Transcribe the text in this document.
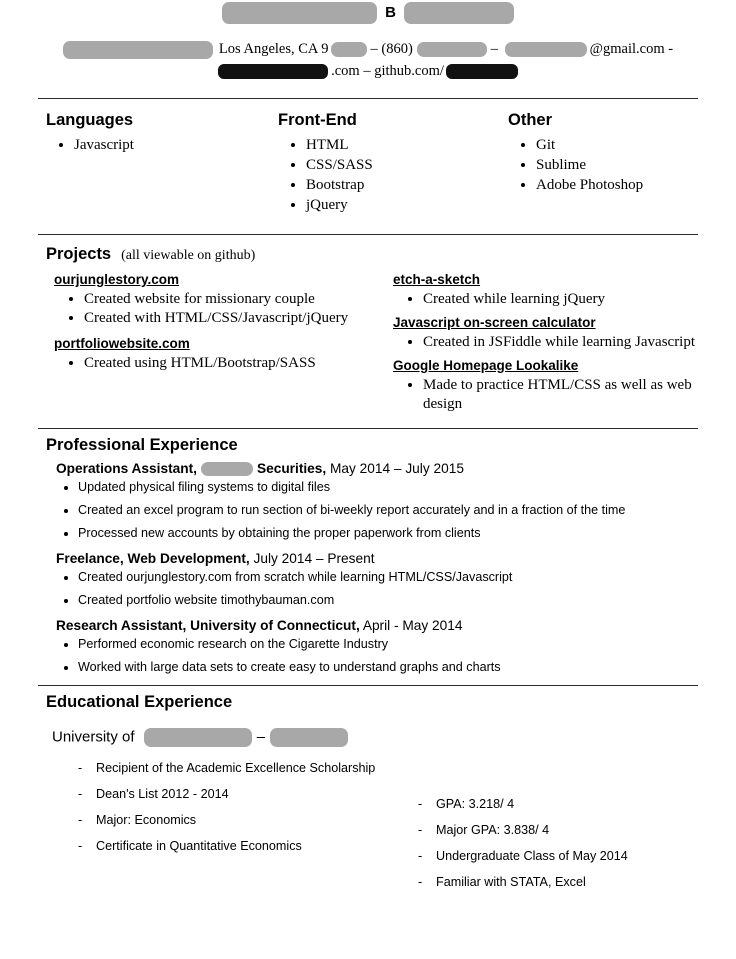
B
Los Angeles, CA 9	– (860)	–	@gmail.com -
.com – github.com/
Languages
• Javascript
Front-End
• HTML
• CSS/SASS
• Bootstrap
• jQuery
Other
• Git
• Sublime
• Adobe Photoshop
Projects (all viewable on github)
ourjunglestory.com
• Created website for missionary couple
• Created with HTML/CSS/Javascript/jQuery
portfoliowebsite.com
• Created using HTML/Bootstrap/SASS
etch-a-sketch
• Created while learning jQuery
Javascript on-screen calculator
• Created in JSFiddle while learning Javascript
Google Homepage Lookalike
• Made to practice HTML/CSS as well as web design
Professional Experience
Operations Assistant,	Securities, May 2014 – July 2015
• Updated physical filing systems to digital files
• Created an excel program to run section of bi-weekly report accurately and in a fraction of the time
• Processed new accounts by obtaining the proper paperwork from clients
Freelance, Web Development, July 2014 – Present
• Created ourjunglestory.com from scratch while learning HTML/CSS/Javascript
• Created portfolio website timothybauman.com
Research Assistant, University of Connecticut, April - May 2014
• Performed economic research on the Cigarette Industry
• Worked with large data sets to create easy to understand graphs and charts
Educational Experience
University of	–
- Recipient of the Academic Excellence Scholarship
- Dean's List 2012 - 2014
- Major: Economics
- Certificate in Quantitative Economics
- GPA: 3.218/ 4
- Major GPA: 3.838/ 4
- Undergraduate Class of May 2014
- Familiar with STATA, Excel
